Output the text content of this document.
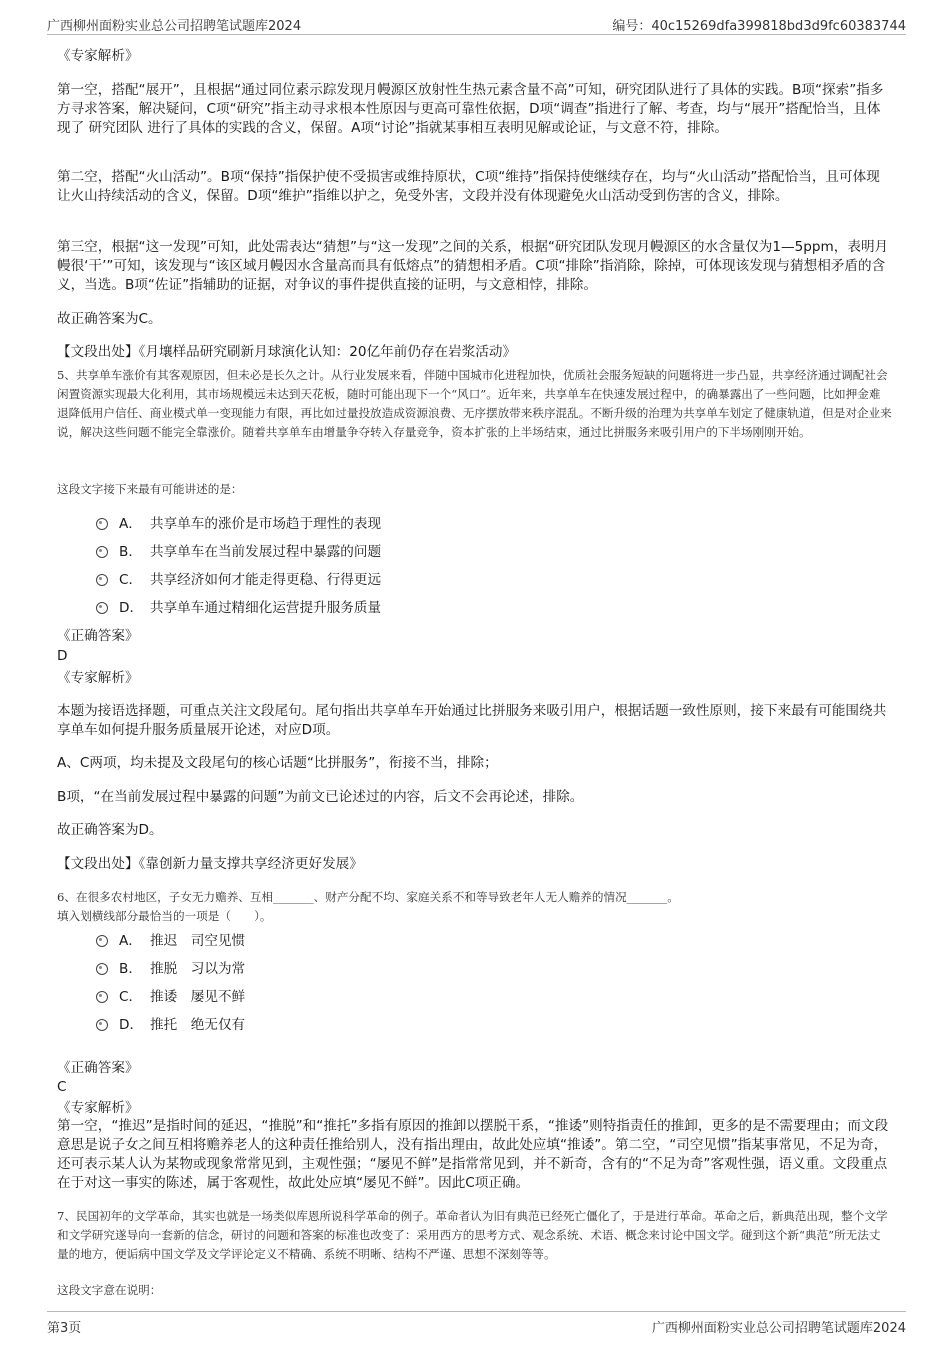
广西柳州面粉实业总公司招聘笔试题库2024	编号：40c15269dfa399818bd3d9fc60383744

《专家解析》

第一空，搭配“展开”，且根据“通过同位素示踪发现月幔源区放射性生热元素含量不高”可知，研究团队进行了具体的实践。B项“探索”指多方寻求答案，解决疑问，C项“研究”指主动寻求根本性原因与更高可靠性依据，D项“调查”指进行了解、考查，均与“展开”搭配恰当，且体现了 研究团队 进行了具体的实践的含义，保留。A项“讨论”指就某事相互表明见解或论证，与文意不符，排除。

第二空，搭配“火山活动”。B项“保持”指保护使不受损害或维持原状，C项“维持”指保持使继续存在，均与“火山活动”搭配恰当，且可体现让火山持续活动的含义，保留。D项“维护”指维以护之，免受外害，文段并没有体现避免火山活动受到伤害的含义，排除。

第三空，根据“这一发现”可知，此处需表达“猜想”与“这一发现”之间的关系，根据“研究团队发现月幔源区的水含量仅为1—5ppm，表明月幔很‘干’”可知，该发现与“该区域月幔因水含量高而具有低熔点”的猜想相矛盾。C项“排除”指消除，除掉，可体现该发现与猜想相矛盾的含义，当选。B项“佐证”指辅助的证据，对争议的事件提供直接的证明，与文意相悖，排除。

故正确答案为C。

【文段出处】《月壤样品研究刷新月球演化认知：20亿年前仍存在岩浆活动》

5、共享单车涨价有其客观原因，但未必是长久之计。从行业发展来看，伴随中国城市化进程加快，优质社会服务短缺的问题将进一步凸显，共享经济通过调配社会闲置资源实现最大化利用，其市场规模远未达到天花板，随时可能出现下一个“风口”。近年来，共享单车在快速发展过程中，的确暴露出了一些问题，比如押金难退降低用户信任、商业模式单一变现能力有限，再比如过量投放造成资源浪费、无序摆放带来秩序混乱。不断升级的治理为共享单车划定了健康轨道，但是对企业来说，解决这些问题不能完全靠涨价。随着共享单车由增量争夺转入存量竞争，资本扩张的上半场结束，通过比拼服务来吸引用户的下半场刚刚开始。

这段文字接下来最有可能讲述的是：

A． 共享单车的涨价是市场趋于理性的表现
B． 共享单车在当前发展过程中暴露的问题
C． 共享经济如何才能走得更稳、行得更远
D． 共享单车通过精细化运营提升服务质量

《正确答案》

D

《专家解析》

本题为接语选择题，可重点关注文段尾句。尾句指出共享单车开始通过比拼服务来吸引用户，根据话题一致性原则，接下来最有可能围绕共享单车如何提升服务质量展开论述，对应D项。

A、C两项，均未提及文段尾句的核心话题“比拼服务”，衔接不当，排除；

B项，“在当前发展过程中暴露的问题”为前文已论述过的内容，后文不会再论述，排除。

故正确答案为D。

【文段出处】《靠创新力量支撑共享经济更好发展》

6、在很多农村地区，子女无力赡养、互相_______、财产分配不均、家庭关系不和等导致老年人无人赡养的情况_______。

填入划横线部分最恰当的一项是（　　）。

A． 推迟　司空见惯
B． 推脱　习以为常
C． 推诿　屡见不鲜
D． 推托　绝无仅有

《正确答案》

C

《专家解析》

第一空，“推迟”是指时间的延迟，“推脱”和“推托”多指有原因的推卸以摆脱干系，“推诿”则特指责任的推卸，更多的是不需要理由；而文段意思是说子女之间互相将赡养老人的这种责任推给别人，没有指出理由，故此处应填“推诿”。第二空，“司空见惯”指某事常见，不足为奇，还可表示某人认为某物或现象常常见到，主观性强；“屡见不鲜”是指常常见到，并不新奇，含有的“不足为奇”客观性强，语义重。文段重点在于对这一事实的陈述，属于客观性，故此处应填“屡见不鲜”。因此C项正确。

7、民国初年的文学革命，其实也就是一场类似库恩所说科学革命的例子。革命者认为旧有典范已经死亡僵化了，于是进行革命。革命之后，新典范出现，整个文学和文学研究遂导向一套新的信念，研讨的问题和答案的标准也改变了：采用西方的思考方式、观念系统、术语、概念来讨论中国文学。碰到这个新“典范”所无法丈量的地方，便诟病中国文学及文学评论定义不精确、系统不明晰、结构不严谨、思想不深刻等等。

这段文字意在说明：

第3页	广西柳州面粉实业总公司招聘笔试题库2024
